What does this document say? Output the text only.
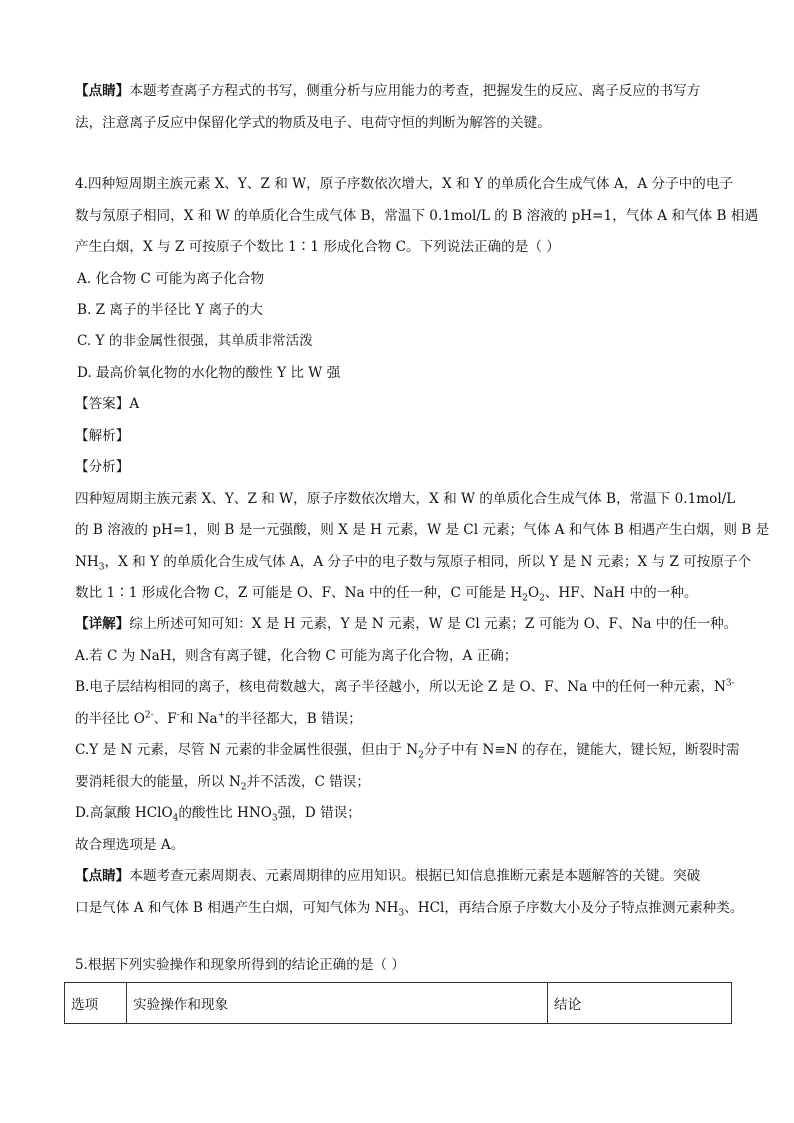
【点睛】本题考查离子方程式的书写，侧重分析与应用能力的考查，把握发生的反应、离子反应的书写方
法，注意离子反应中保留化学式的物质及电子、电荷守恒的判断为解答的关键。
4.四种短周期主族元素 X、Y、Z 和 W，原子序数依次增大，X 和 Y 的单质化合生成气体 A，A 分子中的电子
数与氖原子相同，X 和 W 的单质化合生成气体 B，常温下 0.1mol/L 的 B 溶液的 pH=1，气体 A 和气体 B 相遇
产生白烟，X 与 Z 可按原子个数比 1∶1 形成化合物 C。下列说法正确的是（ ）
A. 化合物 C 可能为离子化合物
B. Z 离子的半径比 Y 离子的大
C. Y 的非金属性很强，其单质非常活泼
D. 最高价氧化物的水化物的酸性 Y 比 W 强
【答案】A
【解析】
【分析】
四种短周期主族元素 X、Y、Z 和 W，原子序数依次增大，X 和 W 的单质化合生成气体 B，常温下 0.1mol/L
的 B 溶液的 pH=1，则 B 是一元强酸，则 X 是 H 元素，W 是 Cl 元素；气体 A 和气体 B 相遇产生白烟，则 B 是
$NH_3$，X 和 Y 的单质化合生成气体 A，A 分子中的电子数与氖原子相同，所以 Y 是 N 元素；X 与 Z 可按原子个
数比 1∶1 形成化合物 C，Z 可能是 O、F、Na 中的任一种，C 可能是 $H_2O_2$、HF、NaH 中的一种。
【详解】综上所述可知可知：X 是 H 元素，Y 是 N 元素，W 是 Cl 元素；Z 可能为 O、F、Na 中的任一种。
A.若 C 为 NaH，则含有离子键，化合物 C 可能为离子化合物，A 正确；
B.电子层结构相同的离子，核电荷数越大，离子半径越小，所以无论 Z 是 O、F、Na 中的任何一种元素，$N^{3-}$
的半径比 $O^{2-}$、F-和 Na+的半径都大，B 错误；
C.Y 是 N 元素，尽管 N 元素的非金属性很强，但由于 $N_2$分子中有 N≡N 的存在，键能大，键长短，断裂时需
要消耗很大的能量，所以 $N_2$并不活泼，C 错误；
D.高氯酸 HClO$_4$的酸性比 $HNO_3$强，D 错误；
故合理选项是 A。
【点睛】本题考查元素周期表、元素周期律的应用知识。根据已知信息推断元素是本题解答的关键。突破
口是气体 A 和气体 B 相遇产生白烟，可知气体为 $NH_3$、HCl，再结合原子序数大小及分子特点推测元素种类。
5.根据下列实验操作和现象所得到的结论正确的是（ ）
选项	实验操作和现象	结论
